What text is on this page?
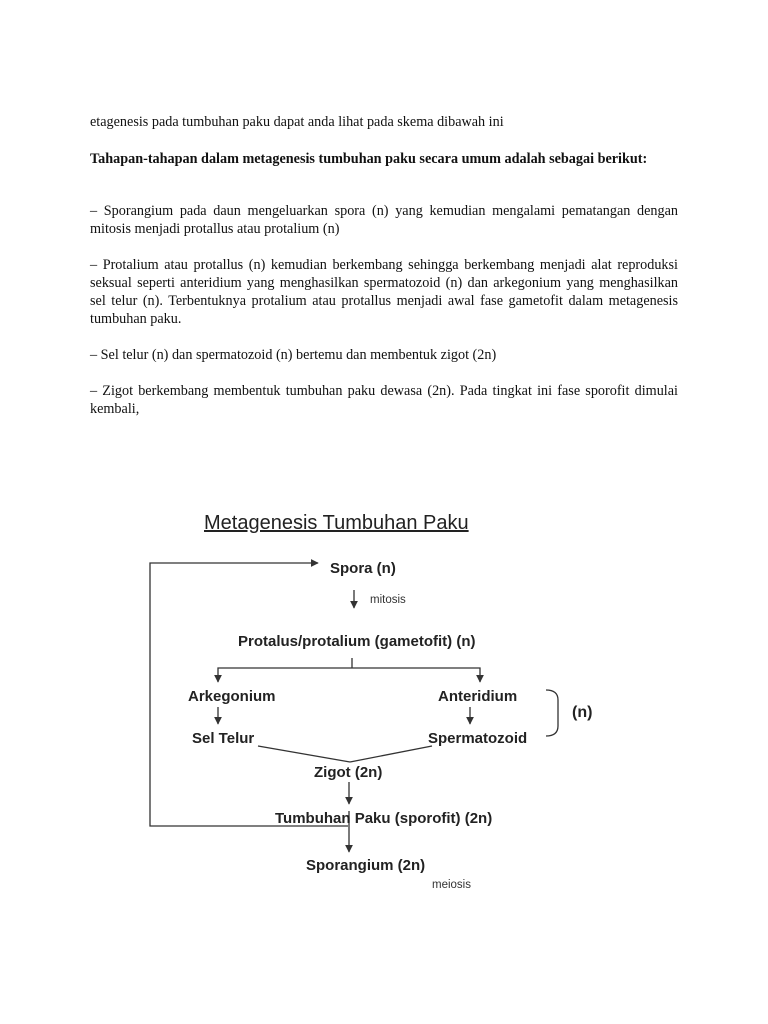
etagenesis pada tumbuhan paku dapat anda lihat pada skema dibawah ini
Tahapan-tahapan dalam metagenesis tumbuhan paku secara umum adalah sebagai berikut:
– Sporangium pada daun mengeluarkan spora (n) yang kemudian mengalami pematangan dengan mitosis menjadi protallus atau protalium (n)
– Protalium atau protallus (n) kemudian berkembang sehingga berkembang menjadi alat reproduksi seksual seperti anteridium yang menghasilkan spermatozoid (n) dan arkegonium yang menghasilkan sel telur (n). Terbentuknya protalium atau protallus menjadi awal fase gametofit dalam metagenesis tumbuhan paku.
– Sel telur (n) dan spermatozoid (n) bertemu dan membentuk zigot (2n)
– Zigot berkembang membentuk tumbuhan paku dewasa (2n). Pada tingkat ini fase sporofit dimulai kembali,
Metagenesis Tumbuhan Paku
Spora (n)
mitosis
Protalus/protalium (gametofit) (n)
Arkegonium	Anteridium
Sel Telur	Spermatozoid
(n)
Zigot (2n)
Tumbuhan Paku (sporofit) (2n)
Sporangium (2n)
meiosis
